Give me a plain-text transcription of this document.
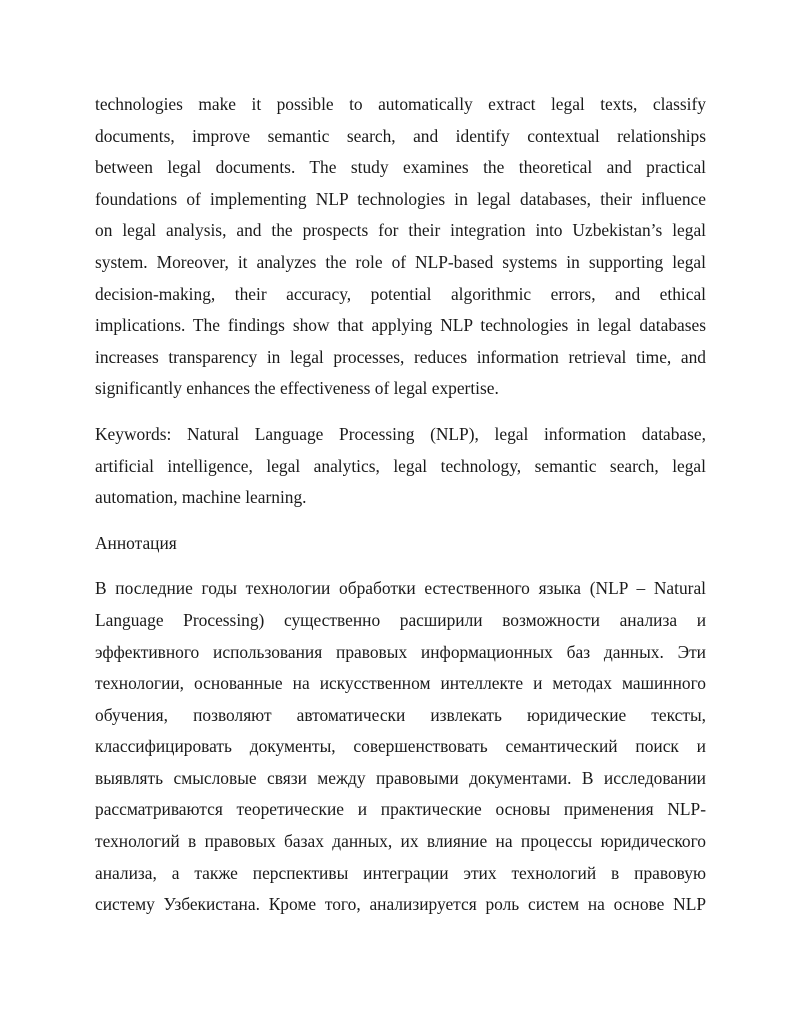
technologies make it possible to automatically extract legal texts, classify
documents, improve semantic search, and identify contextual relationships
between legal documents. The study examines the theoretical and practical
foundations of implementing NLP technologies in legal databases, their influence
on legal analysis, and the prospects for their integration into Uzbekistan’s legal
system. Moreover, it analyzes the role of NLP-based systems in supporting legal
decision-making, their accuracy, potential algorithmic errors, and ethical
implications. The findings show that applying NLP technologies in legal databases
increases transparency in legal processes, reduces information retrieval time, and
significantly enhances the effectiveness of legal expertise.
Keywords: Natural Language Processing (NLP), legal information database,
artificial intelligence, legal analytics, legal technology, semantic search, legal
automation, machine learning.
Аннотация
В последние годы технологии обработки естественного языка (NLP – Natural
Language Processing) существенно расширили возможности анализа и
эффективного использования правовых информационных баз данных. Эти
технологии, основанные на искусственном интеллекте и методах машинного
обучения, позволяют автоматически извлекать юридические тексты,
классифицировать документы, совершенствовать семантический поиск и
выявлять смысловые связи между правовыми документами. В исследовании
рассматриваются теоретические и практические основы применения NLP-
технологий в правовых базах данных, их влияние на процессы юридического
анализа, а также перспективы интеграции этих технологий в правовую
систему Узбекистана. Кроме того, анализируется роль систем на основе NLP
